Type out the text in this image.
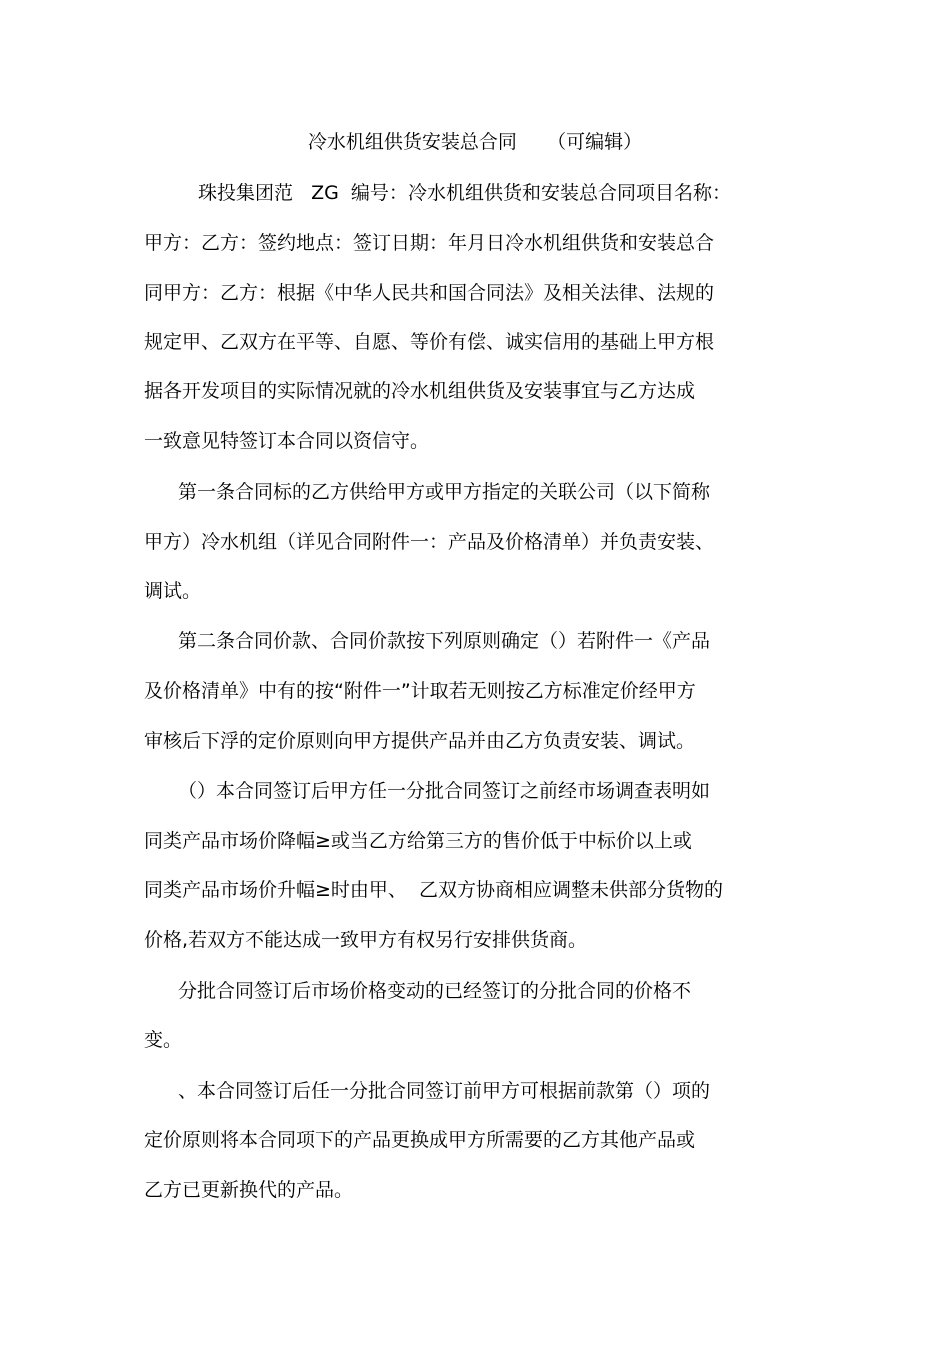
冷水机组供货安装总合同     （可编辑）
珠投集团范   ZG  编号：冷水机组供货和安装总合同项目名称：
甲方：乙方：签约地点：签订日期：年月日冷水机组供货和安装总合
同甲方：乙方：根据《中华人民共和国合同法》及相关法律、法规的
规定甲、乙双方在平等、自愿、等价有偿、诚实信用的基础上甲方根
据各开发项目的实际情况就的冷水机组供货及安装事宜与乙方达成
一致意见特签订本合同以资信守。
第一条合同标的乙方供给甲方或甲方指定的关联公司（以下简称
甲方）冷水机组（详见合同附件一：产品及价格清单）并负责安装、
调试。
第二条合同价款、合同价款按下列原则确定（）若附件一《产品
及价格清单》中有的按“附件一”计取若无则按乙方标准定价经甲方
审核后下浮的定价原则向甲方提供产品并由乙方负责安装、调试。
（）本合同签订后甲方任一分批合同签订之前经市场调查表明如
同类产品市场价降幅≥或当乙方给第三方的售价低于中标价以上或
同类产品市场价升幅≥时由甲、  乙双方协商相应调整未供部分货物的
价格,若双方不能达成一致甲方有权另行安排供货商。
分批合同签订后市场价格变动的已经签订的分批合同的价格不
变。
、本合同签订后任一分批合同签订前甲方可根据前款第（）项的
定价原则将本合同项下的产品更换成甲方所需要的乙方其他产品或
乙方已更新换代的产品。
